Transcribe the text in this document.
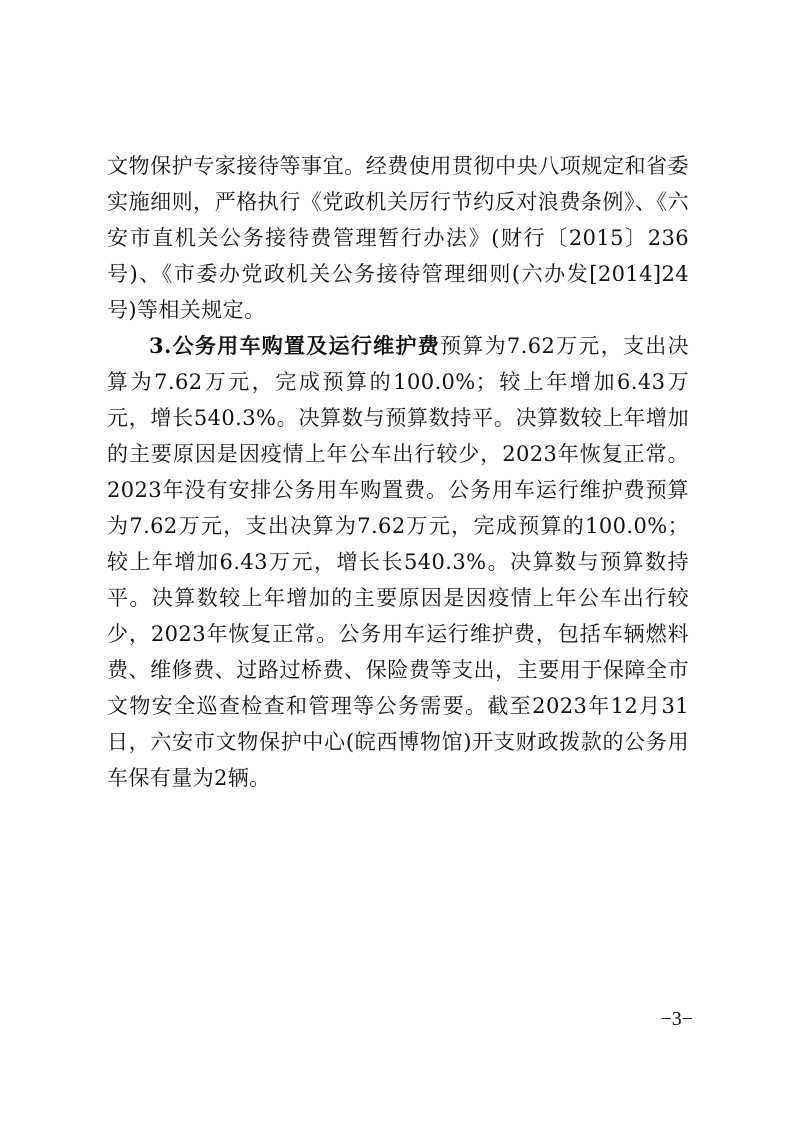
文物保护专家接待等事宜。经费使用贯彻中央八项规定和省委实施细则，严格执行《党政机关厉行节约反对浪费条例》、《六安市直机关公务接待费管理暂行办法》(财行〔2015〕236号)、《市委办党政机关公务接待管理细则(六办发[2014]24号)等相关规定。

3.公务用车购置及运行维护费预算为7.62万元，支出决算为7.62万元，完成预算的100.0%；较上年增加6.43万元，增长540.3%。决算数与预算数持平。决算数较上年增加的主要原因是因疫情上年公车出行较少，2023年恢复正常。2023年没有安排公务用车购置费。公务用车运行维护费预算为7.62万元，支出决算为7.62万元，完成预算的100.0%；较上年增加6.43万元，增长长540.3%。决算数与预算数持平。决算数较上年增加的主要原因是因疫情上年公车出行较少，2023年恢复正常。公务用车运行维护费，包括车辆燃料费、维修费、过路过桥费、保险费等支出，主要用于保障全市文物安全巡查检查和管理等公务需要。截至2023年12月31日，六安市文物保护中心(皖西博物馆)开支财政拨款的公务用车保有量为2辆。

−3−
